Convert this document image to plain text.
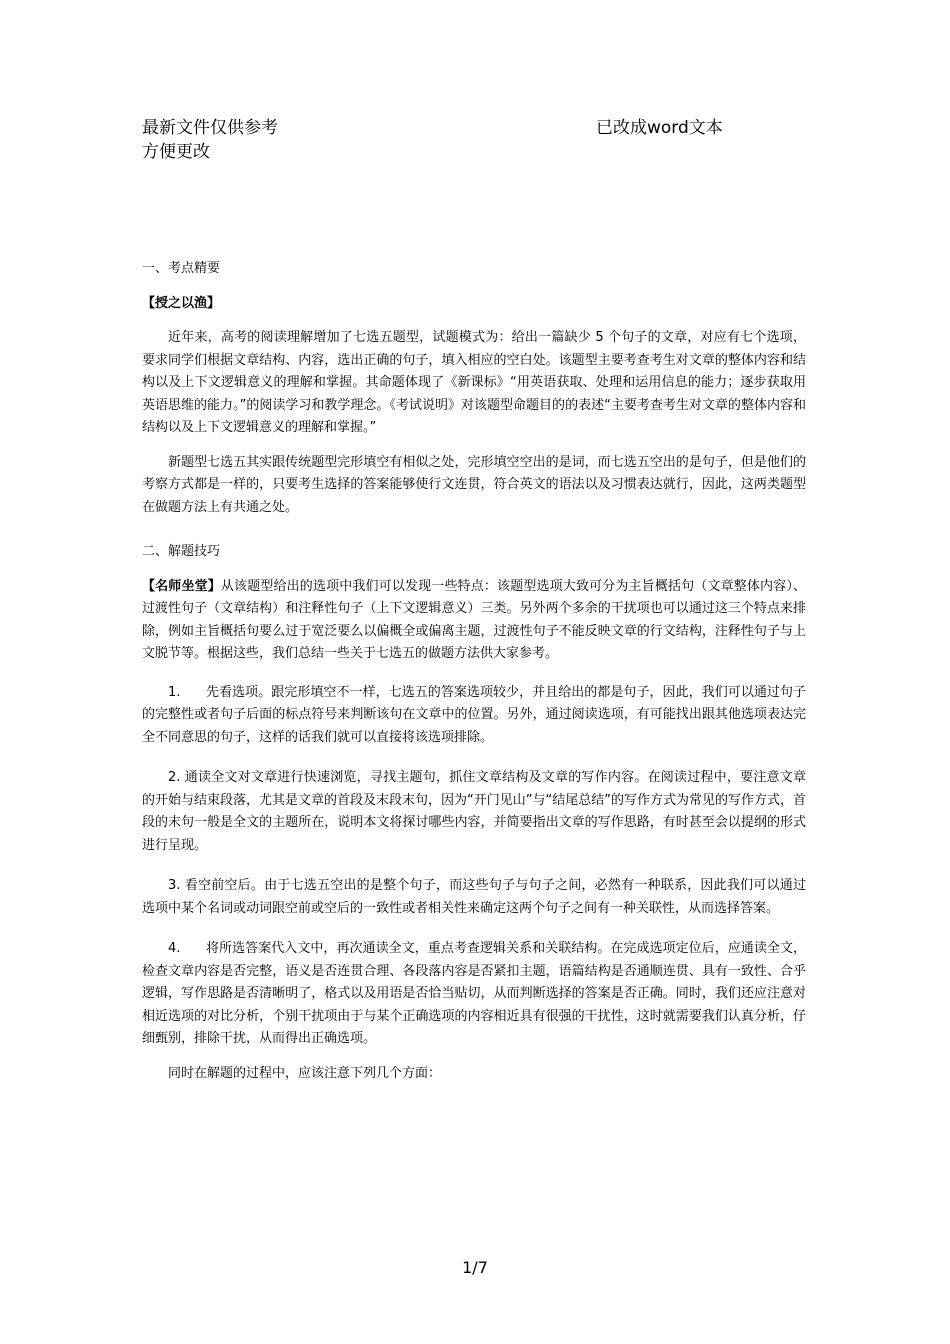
最新文件仅供参考
方便更改
已改成word文本

一、考点精要

【授之以渔】

近年来，高考的阅读理解增加了七选五题型，试题模式为：给出一篇缺少 5 个句子的文章，对应有七个选项，要求同学们根据文章结构、内容，选出正确的句子，填入相应的空白处。该题型主要考查考生对文章的整体内容和结构以及上下文逻辑意义的理解和掌握。其命题体现了《新课标》“用英语获取、处理和运用信息的能力；逐步获取用英语思维的能力。”的阅读学习和教学理念。《考试说明》对该题型命题目的的表述“主要考查考生对文章的整体内容和结构以及上下文逻辑意义的理解和掌握。”

新题型七选五其实跟传统题型完形填空有相似之处，完形填空空出的是词，而七选五空出的是句子，但是他们的考察方式都是一样的，只要考生选择的答案能够使行文连贯，符合英文的语法以及习惯表达就行，因此，这两类题型在做题方法上有共通之处。

二、解题技巧

【名师坐堂】从该题型给出的选项中我们可以发现一些特点：该题型选项大致可分为主旨概括句（文章整体内容）、过渡性句子（文章结构）和注释性句子（上下文逻辑意义）三类。另外两个多余的干扰项也可以通过这三个特点来排除，例如主旨概括句要么过于宽泛要么以偏概全或偏离主题，过渡性句子不能反映文章的行文结构，注释性句子与上文脱节等。根据这些，我们总结一些关于七选五的做题方法供大家参考。

1. 先看选项。跟完形填空不一样，七选五的答案选项较少，并且给出的都是句子，因此，我们可以通过句子的完整性或者句子后面的标点符号来判断该句在文章中的位置。另外，通过阅读选项，有可能找出跟其他选项表达完全不同意思的句子，这样的话我们就可以直接将该选项排除。

2. 通读全文对文章进行快速浏览，寻找主题句，抓住文章结构及文章的写作内容。在阅读过程中，要注意文章的开始与结束段落，尤其是文章的首段及末段末句，因为“开门见山”与“结尾总结”的写作方式为常见的写作方式，首段的末句一般是全文的主题所在，说明本文将探讨哪些内容，并简要指出文章的写作思路，有时甚至会以提纲的形式进行呈现。

3. 看空前空后。由于七选五空出的是整个句子，而这些句子与句子之间，必然有一种联系，因此我们可以通过选项中某个名词或动词跟空前或空后的一致性或者相关性来确定这两个句子之间有一种关联性，从而选择答案。

4. 将所选答案代入文中，再次通读全文，重点考查逻辑关系和关联结构。在完成选项定位后，应通读全文，检查文章内容是否完整，语义是否连贯合理、各段落内容是否紧扣主题，语篇结构是否通顺连贯、具有一致性、合乎逻辑，写作思路是否清晰明了，格式以及用语是否恰当贴切，从而判断选择的答案是否正确。同时，我们还应注意对相近选项的对比分析，个别干扰项由于与某个正确选项的内容相近具有很强的干扰性，这时就需要我们认真分析，仔细甄别，排除干扰，从而得出正确选项。

同时在解题的过程中，应该注意下列几个方面：

1/7
